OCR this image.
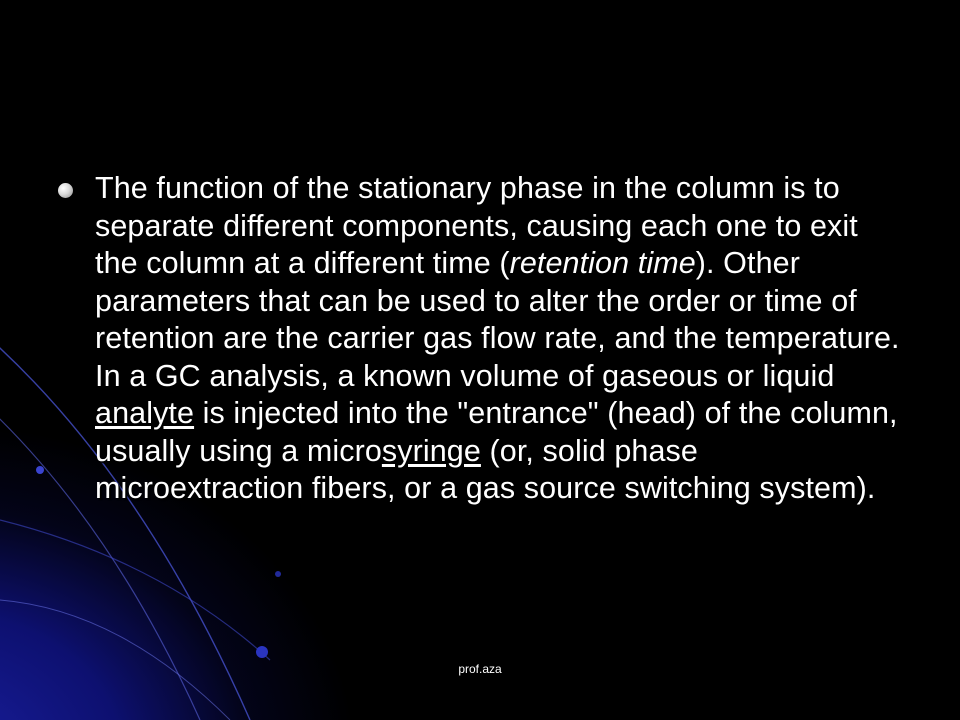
The function of the stationary phase in the column is to separate different components, causing each one to exit the column at a different time (retention time). Other parameters that can be used to alter the order or time of retention are the carrier gas flow rate, and the temperature. In a GC analysis, a known volume of gaseous or liquid analyte is injected into the "entrance" (head) of the column, usually using a microsyringe (or, solid phase microextraction fibers, or a gas source switching system).
prof.aza
